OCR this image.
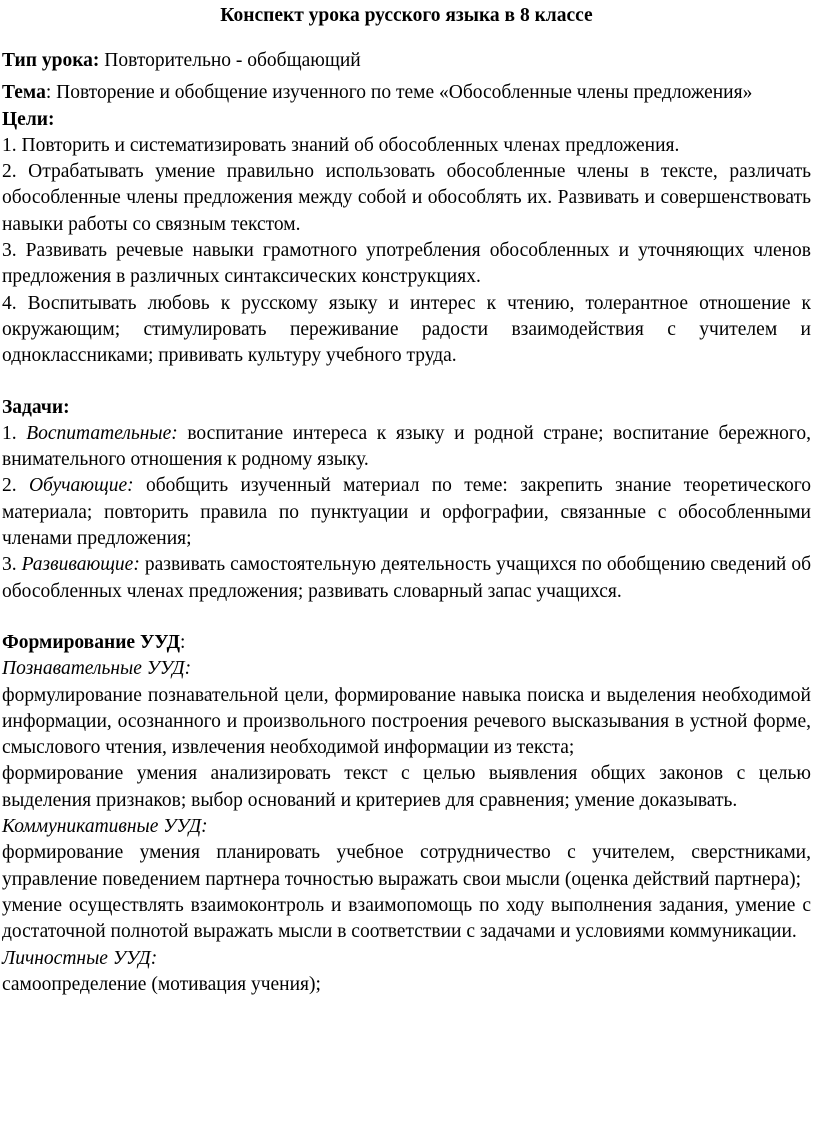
Конспект урока русского языка в 8 классе

Тип урока: Повторительно - обобщающий

Тема: Повторение и обобщение изученного по теме «Обособленные члены предложения»

Цели:

1. Повторить и систематизировать знаний об обособленных членах предложения.

2. Отрабатывать умение правильно использовать обособленные члены в тексте, различать обособленные члены предложения между собой и обособлять их. Развивать и совершенствовать навыки работы со связным текстом.

3. Развивать речевые навыки грамотного употребления обособленных и уточняющих членов предложения в различных синтаксических конструкциях.

4. Воспитывать любовь к русскому языку и интерес к чтению, толерантное отношение к окружающим; стимулировать переживание радости взаимодействия с учителем и одноклассниками; прививать культуру учебного труда.

Задачи:

1. Воспитательные: воспитание интереса к языку и родной стране; воспитание бережного, внимательного отношения к родному языку.

2. Обучающие: обобщить изученный материал по теме: закрепить знание теоретического материала; повторить правила по пунктуации и орфографии, связанные с обособленными членами предложения;

3. Развивающие: развивать самостоятельную деятельность учащихся по обобщению сведений об обособленных членах предложения; развивать словарный запас учащихся.

Формирование УУД:

Познавательные УУД:

формулирование познавательной цели, формирование навыка поиска и выделения необходимой информации, осознанного и произвольного построения речевого высказывания в устной форме, смыслового чтения, извлечения необходимой информации из текста;

формирование умения анализировать текст с целью выявления общих законов с целью выделения признаков; выбор оснований и критериев для сравнения; умение доказывать.

Коммуникативные УУД:

формирование умения планировать учебное сотрудничество с учителем, сверстниками, управление поведением партнера точностью выражать свои мысли (оценка действий партнера);

умение осуществлять взаимоконтроль и взаимопомощь по ходу выполнения задания, умение с достаточной полнотой выражать мысли в соответствии с задачами и условиями коммуникации.

Личностные УУД:

самоопределение (мотивация учения);
